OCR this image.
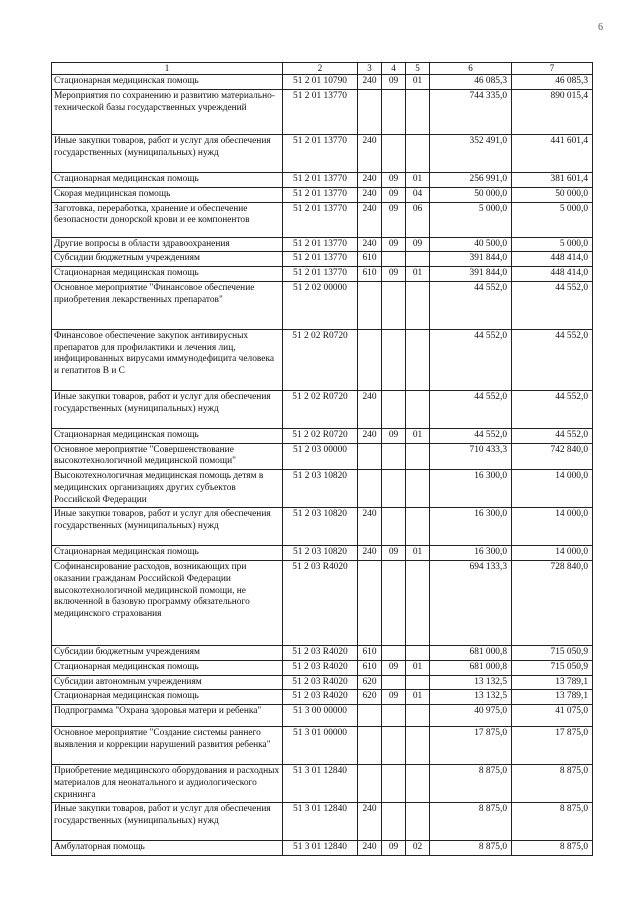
6
1	2	3	4	5	6	7
Стационарная медицинская помощь	51 2 01 10790	240	09	01	46 085,3	46 085,3
Мероприятия по сохранению и развитию материально-технической базы государственных учреждений	51 2 01 13770				744 335,0	890 015,4
Иные закупки товаров, работ и услуг для обеспечения государственных (муниципальных) нужд	51 2 01 13770	240			352 491,0	441 601,4
Стационарная медицинская помощь	51 2 01 13770	240	09	01	256 991,0	381 601,4
Скорая медицинская помощь	51 2 01 13770	240	09	04	50 000,0	50 000,0
Заготовка, переработка, хранение и обеспечение безопасности донорской крови и ее компонентов	51 2 01 13770	240	09	06	5 000,0	5 000,0
Другие вопросы в области здравоохранения	51 2 01 13770	240	09	09	40 500,0	5 000,0
Субсидии бюджетным учреждениям	51 2 01 13770	610			391 844,0	448 414,0
Стационарная медицинская помощь	51 2 01 13770	610	09	01	391 844,0	448 414,0
Основное мероприятие "Финансовое обеспечение приобретения лекарственных препаратов"	51 2 02 00000				44 552,0	44 552,0
Финансовое обеспечение закупок антивирусных препаратов для профилактики и лечения лиц, инфицированных вирусами иммунодефицита человека и гепатитов В и С	51 2 02 R0720				44 552,0	44 552,0
Иные закупки товаров, работ и услуг для обеспечения государственных (муниципальных) нужд	51 2 02 R0720	240			44 552,0	44 552,0
Стационарная медицинская помощь	51 2 02 R0720	240	09	01	44 552,0	44 552,0
Основное мероприятие "Совершенствование высокотехнологичной медицинской помощи"	51 2 03 00000				710 433,3	742 840,0
Высокотехнологичная медицинская помощь детям в медицинских организациях других субъектов Российской Федерации	51 2 03 10820				16 300,0	14 000,0
Иные закупки товаров, работ и услуг для обеспечения государственных (муниципальных) нужд	51 2 03 10820	240			16 300,0	14 000,0
Стационарная медицинская помощь	51 2 03 10820	240	09	01	16 300,0	14 000,0
Софинансирование расходов, возникающих при оказании гражданам Российской Федерации высокотехнологичной медицинской помощи, не включенной в базовую программу обязательного медицинского страхования	51 2 03 R4020				694 133,3	728 840,0
Субсидии бюджетным учреждениям	51 2 03 R4020	610			681 000,8	715 050,9
Стационарная медицинская помощь	51 2 03 R4020	610	09	01	681 000,8	715 050,9
Субсидии автономным учреждениям	51 2 03 R4020	620			13 132,5	13 789,1
Стационарная медицинская помощь	51 2 03 R4020	620	09	01	13 132,5	13 789,1
Подпрограмма "Охрана здоровья матери и ребенка"	51 3 00 00000				40 975,0	41 075,0
Основное мероприятие "Создание системы раннего выявления и коррекции нарушений развития ребенка"	51 3 01 00000				17 875,0	17 875,0
Приобретение медицинского оборудования и расходных материалов для неонатального и аудиологического скрининга	51 3 01 12840				8 875,0	8 875,0
Иные закупки товаров, работ и услуг для обеспечения государственных (муниципальных) нужд	51 3 01 12840	240			8 875,0	8 875,0
Амбулаторная помощь	51 3 01 12840	240	09	02	8 875,0	8 875,0
